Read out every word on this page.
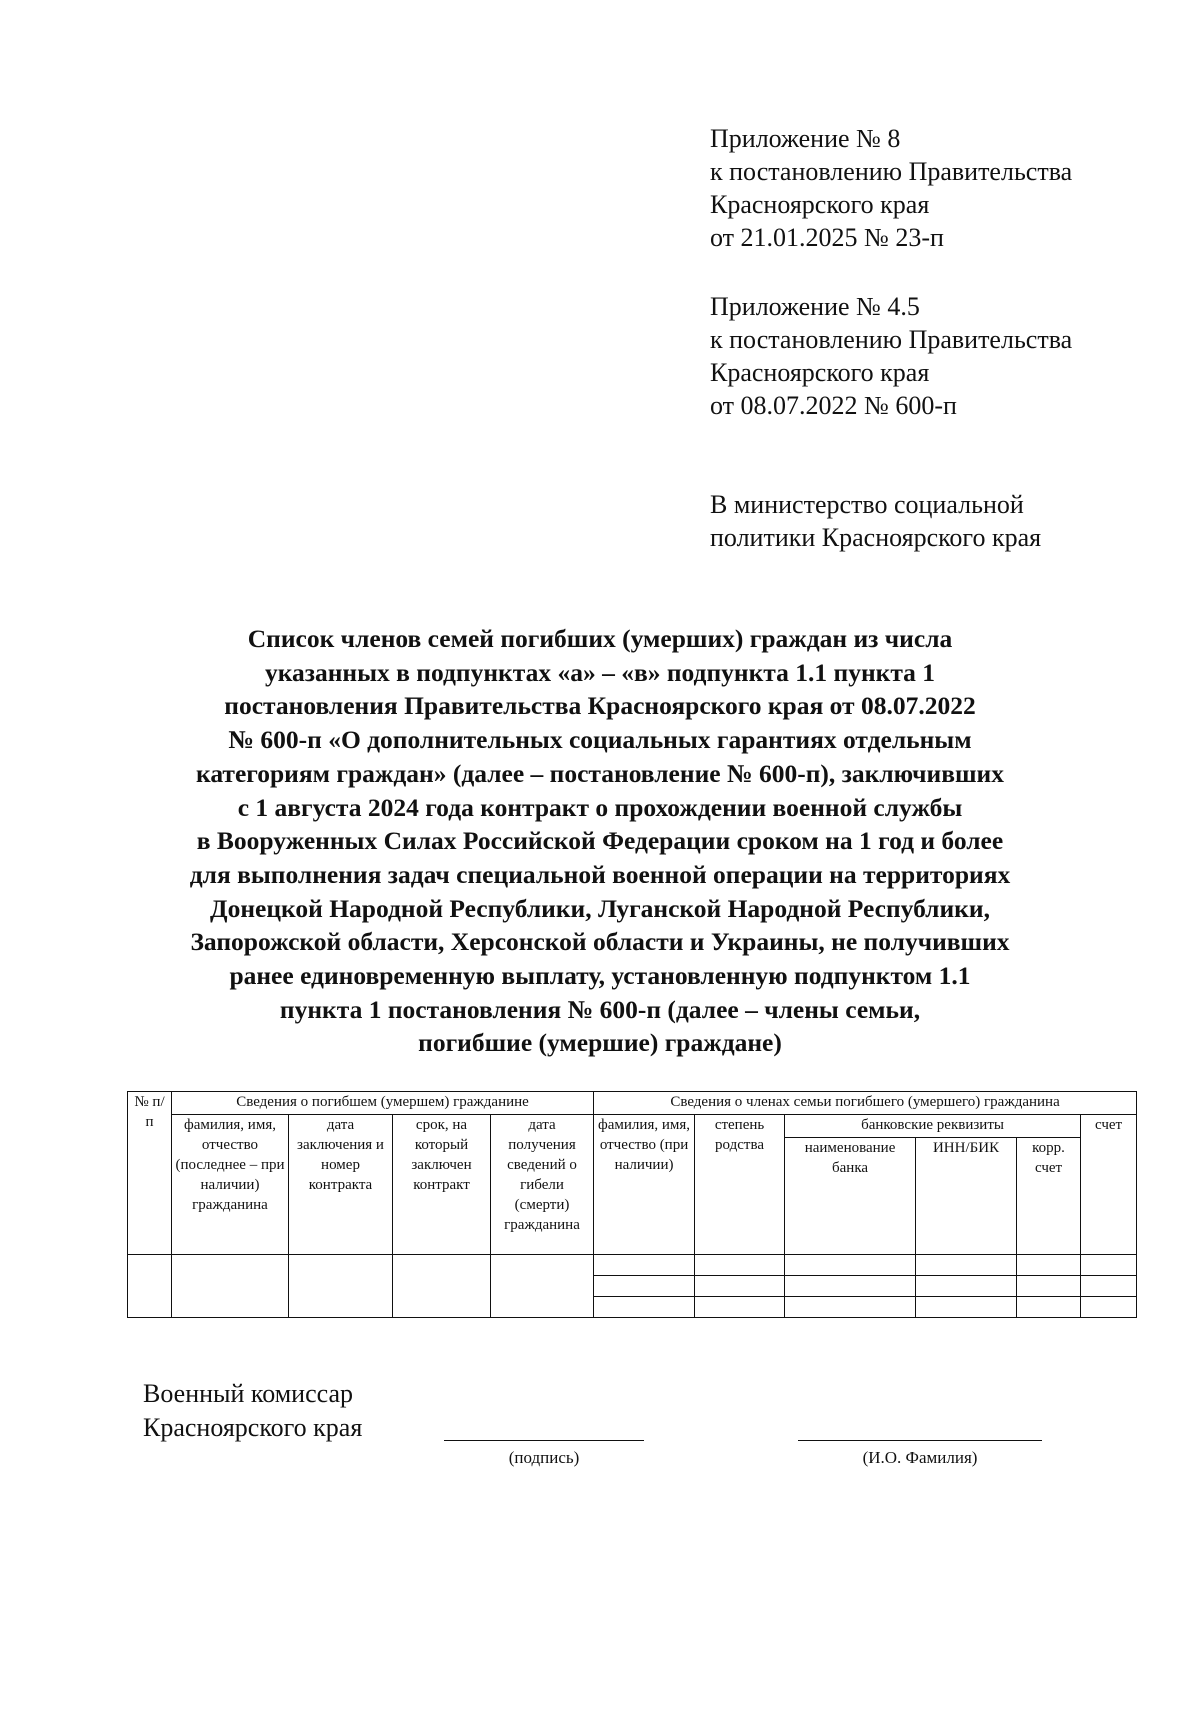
Приложение № 8
к постановлению Правительства
Красноярского края
от 21.01.2025 № 23-п
Приложение № 4.5
к постановлению Правительства
Красноярского края
от 08.07.2022 № 600-п
В министерство социальной
политики Красноярского края
Список членов семей погибших (умерших) граждан из числа
указанных в подпунктах «а» – «в» подпункта 1.1 пункта 1
постановления Правительства Красноярского края от 08.07.2022
№ 600-п «О дополнительных социальных гарантиях отдельным
категориям граждан» (далее – постановление № 600-п), заключивших
с 1 августа 2024 года контракт о прохождении военной службы
в Вооруженных Силах Российской Федерации сроком на 1 год и более
для выполнения задач специальной военной операции на территориях
Донецкой Народной Республики, Луганской Народной Республики,
Запорожской области, Херсонской области и Украины, не получивших
ранее единовременную выплату, установленную подпунктом 1.1
пункта 1 постановления № 600-п (далее – члены семьи,
погибшие (умершие) граждане)
№ п/п	Сведения о погибшем (умершем) гражданине				Сведения о членах семьи погибшего (умершего) гражданина					
	фамилия, имя, отчество (последнее – при наличии) гражданина	дата заключения и номер контракта	срок, на который заключен контракт	дата получения сведений о гибели (смерти) гражданина	фамилия, имя, отчество (при наличии)	степень родства	банковские реквизиты			счет
							наименование банка	ИНН/БИК	корр. счет	

Военный комиссар
Красноярского края
(подпись)	(И.О. Фамилия)
